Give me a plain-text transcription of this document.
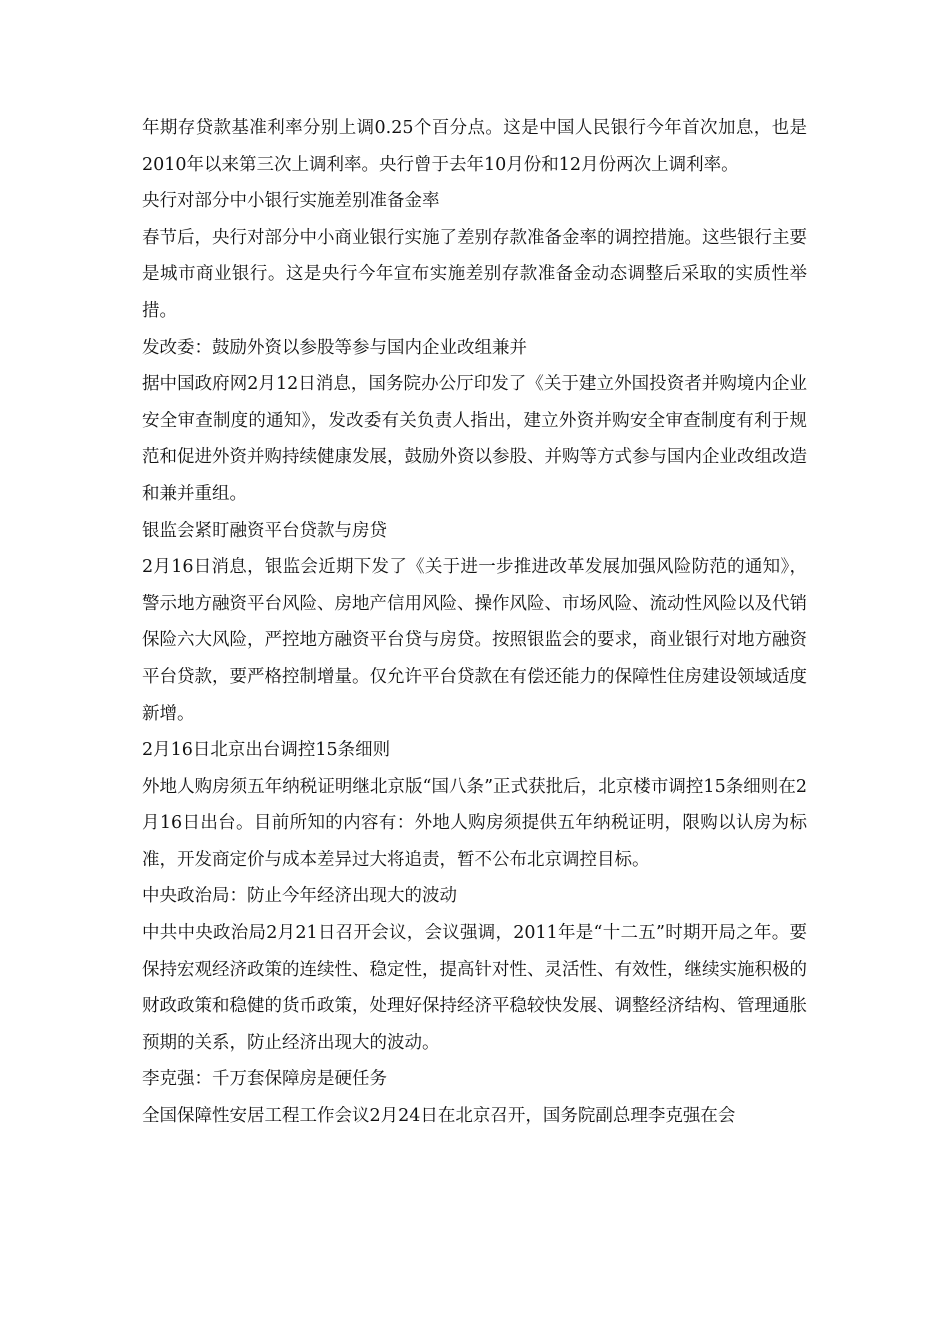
年期存贷款基准利率分别上调0.25个百分点。这是中国人民银行今年首次加息，也是2010年以来第三次上调利率。央行曾于去年10月份和12月份两次上调利率。

央行对部分中小银行实施差别准备金率

春节后，央行对部分中小商业银行实施了差别存款准备金率的调控措施。这些银行主要是城市商业银行。这是央行今年宣布实施差别存款准备金动态调整后采取的实质性举措。

发改委：鼓励外资以参股等参与国内企业改组兼并

据中国政府网2月12日消息，国务院办公厅印发了《关于建立外国投资者并购境内企业安全审查制度的通知》，发改委有关负责人指出，建立外资并购安全审查制度有利于规范和促进外资并购持续健康发展，鼓励外资以参股、并购等方式参与国内企业改组改造和兼并重组。

银监会紧盯融资平台贷款与房贷

2月16日消息，银监会近期下发了《关于进一步推进改革发展加强风险防范的通知》，警示地方融资平台风险、房地产信用风险、操作风险、市场风险、流动性风险以及代销保险六大风险，严控地方融资平台贷与房贷。按照银监会的要求，商业银行对地方融资平台贷款，要严格控制增量。仅允许平台贷款在有偿还能力的保障性住房建设领域适度新增。

2月16日北京出台调控15条细则

外地人购房须五年纳税证明继北京版“国八条”正式获批后，北京楼市调控15条细则在2月16日出台。目前所知的内容有：外地人购房须提供五年纳税证明，限购以认房为标准，开发商定价与成本差异过大将追责，暂不公布北京调控目标。

中央政治局：防止今年经济出现大的波动

中共中央政治局2月21日召开会议，会议强调，2011年是“十二五”时期开局之年。要保持宏观经济政策的连续性、稳定性，提高针对性、灵活性、有效性，继续实施积极的财政政策和稳健的货币政策，处理好保持经济平稳较快发展、调整经济结构、管理通胀预期的关系，防止经济出现大的波动。

李克强：千万套保障房是硬任务

全国保障性安居工程工作会议2月24日在北京召开，国务院副总理李克强在会
